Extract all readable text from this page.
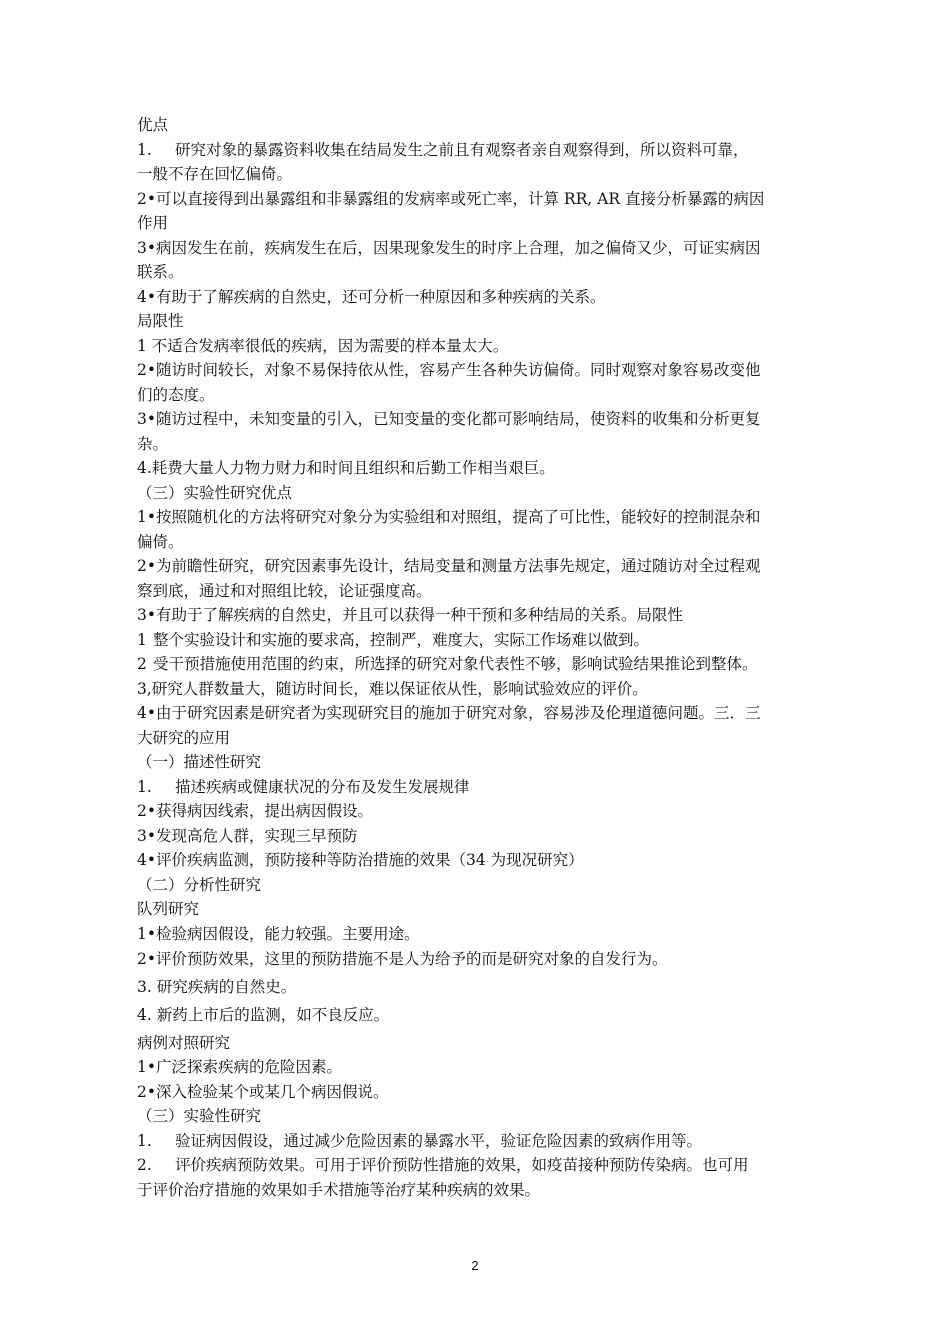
优点
1. 研究对象的暴露资料收集在结局发生之前且有观察者亲自观察得到，所以资料可靠，
一般不存在回忆偏倚。
2•可以直接得到出暴露组和非暴露组的发病率或死亡率，计算 RR, AR 直接分析暴露的病因
作用
3•病因发生在前，疾病发生在后，因果现象发生的时序上合理，加之偏倚又少，可证实病因
联系。
4•有助于了解疾病的自然史，还可分析一种原因和多种疾病的关系。
局限性
1 不适合发病率很低的疾病，因为需要的样本量太大。
2•随访时间较长，对象不易保持依从性，容易产生各种失访偏倚。同时观察对象容易改变他
们的态度。
3•随访过程中，未知变量的引入，已知变量的变化都可影响结局，使资料的收集和分析更复
杂。
4.耗费大量人力物力财力和时间且组织和后勤工作相当艰巨。
（三）实验性研究优点
1•按照随机化的方法将研究对象分为实验组和对照组，提高了可比性，能较好的控制混杂和
偏倚。
2•为前瞻性研究，研究因素事先设计，结局变量和测量方法事先规定，通过随访对全过程观
察到底，通过和对照组比较，论证强度高。
3•有助于了解疾病的自然史，并且可以获得一种干预和多种结局的关系。局限性
1 整个实验设计和实施的要求高，控制严，难度大，实际工作场难以做到。
2 受干预措施使用范围的约束，所选择的研究对象代表性不够，影响试验结果推论到整体。
3,研究人群数量大，随访时间长，难以保证依从性，影响试验效应的评价。
4•由于研究因素是研究者为实现研究目的施加于研究对象，容易涉及伦理道德问题。三．三
大研究的应用
（一）描述性研究
1. 描述疾病或健康状况的分布及发生发展规律
2•获得病因线索，提出病因假设。
3•发现高危人群，实现三早预防
4•评价疾病监测，预防接种等防治措施的效果（34 为现况研究）
（二）分析性研究
队列研究
1•检验病因假设，能力较强。主要用途。
2•评价预防效果，这里的预防措施不是人为给予的而是研究对象的自发行为。
3. 研究疾病的自然史。
4. 新药上市后的监测，如不良反应。
病例对照研究
1•广泛探索疾病的危险因素。
2•深入检验某个或某几个病因假说。
（三）实验性研究
1. 验证病因假设，通过减少危险因素的暴露水平，验证危险因素的致病作用等。
2. 评价疾病预防效果。可用于评价预防性措施的效果，如疫苗接种预防传染病。也可用
于评价治疗措施的效果如手术措施等治疗某种疾病的效果。
2
